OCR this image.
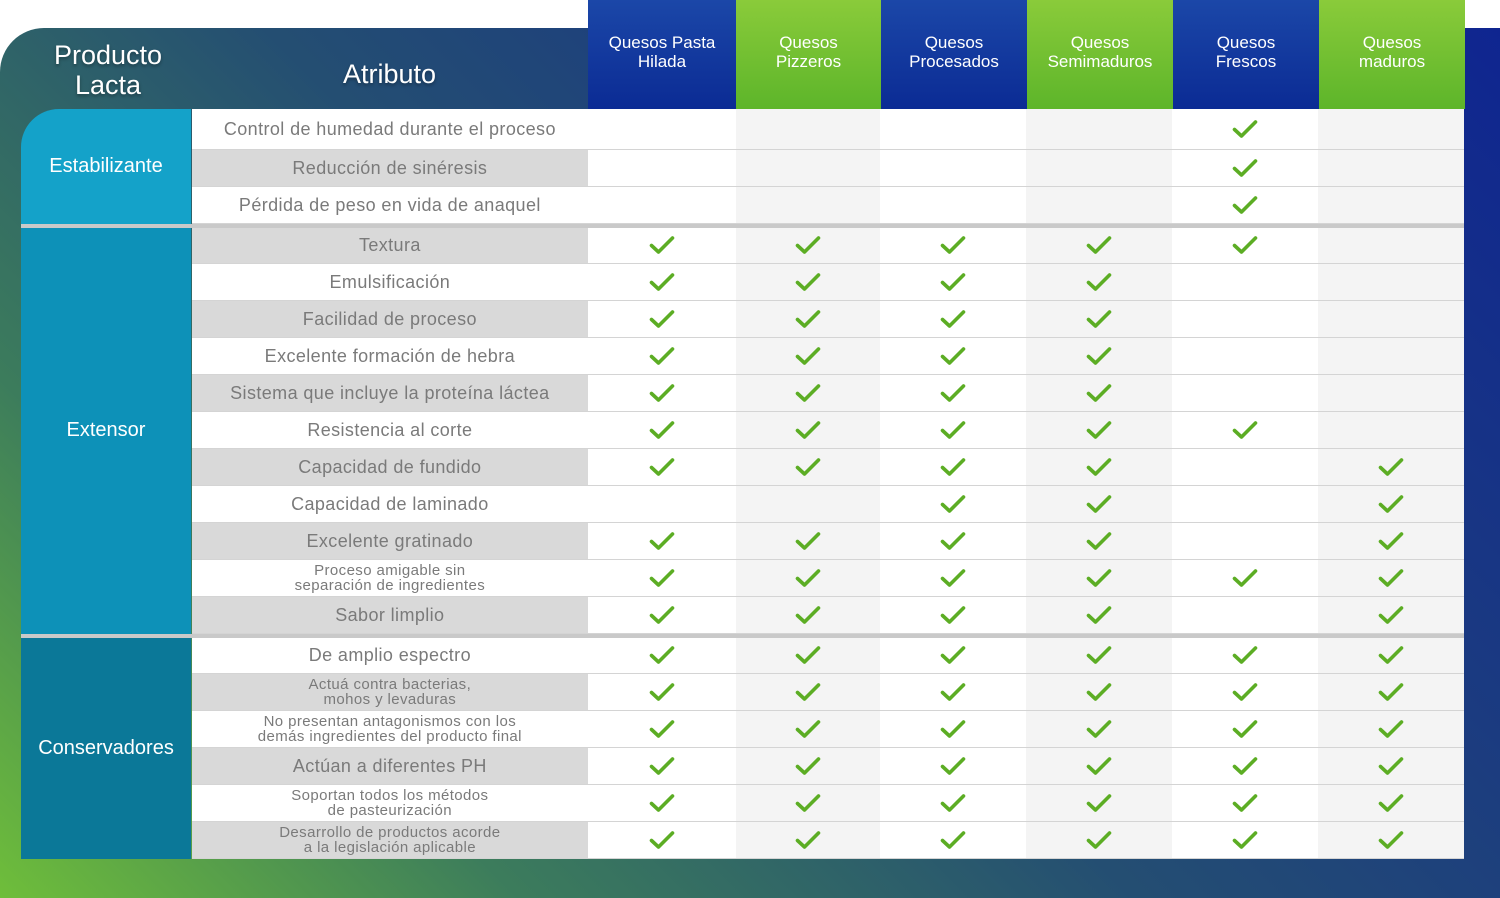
Producto
Lacta	Atributo
Quesos Pasta
Hilada
Quesos
Pizzeros
Quesos
Procesados
Quesos
Semimaduros
Quesos
Frescos
Quesos
maduros
Estabilizante
Extensor
Conservadores
Control de humedad durante el proceso
Reducción de sinéresis
Pérdida de peso en vida de anaquel
Textura
Emulsificación
Facilidad de proceso
Excelente formación de hebra
Sistema que incluye la proteína láctea
Resistencia al corte
Capacidad de fundido
Capacidad de laminado
Excelente gratinado
Proceso amigable sin
separación de ingredientes
Sabor limplio
De amplio espectro
Actuá contra bacterias,
mohos y levaduras
No presentan antagonismos con los
demás ingredientes del producto final
Actúan a diferentes PH
Soportan todos los métodos
de pasteurización
Desarrollo de productos acorde
a la legislación aplicable
